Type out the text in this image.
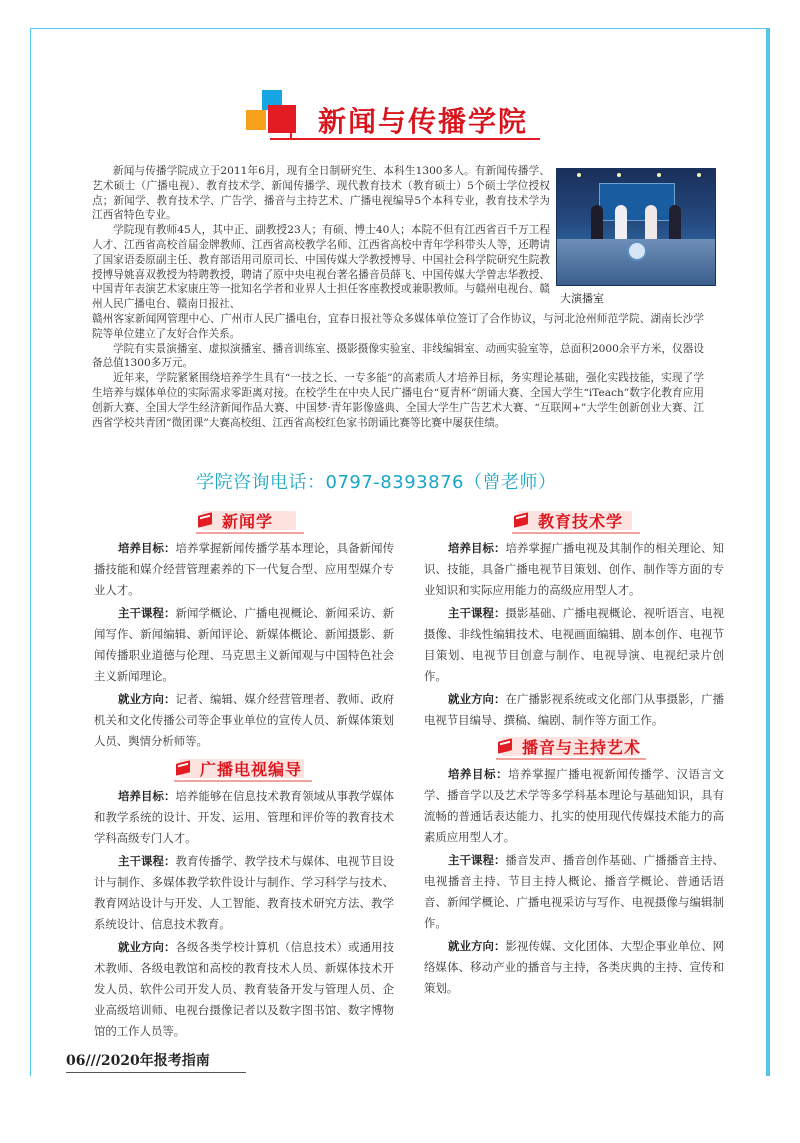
新闻与传播学院
大演播室

新闻与传播学院成立于2011年6月，现有全日制研究生、本科生1300多人。有新闻传播学、艺术硕士（广播电视）、教育技术学、新闻传播学、现代教育技术（教育硕士）5个硕士学位授权点；新闻学、教育技术学、广告学、播音与主持艺术、广播电视编导5个本科专业，教育技术学为江西省特色专业。

学院现有教师45人，其中正、副教授23人；有硕、博士40人；本院不但有江西省百千万工程人才、江西省高校首届金牌教师、江西省高校教学名师、江西省高校中青年学科带头人等，还聘请了国家语委原副主任、教育部语用司原司长、中国传媒大学教授博导、中国社会科学院研究生院教授博导姚喜双教授为特聘教授，聘请了原中央电视台著名播音员薛飞、中国传媒大学曾志华教授、中国青年表演艺术家康庄等一批知名学者和业界人士担任客座教授或兼职教师。与赣州电视台、赣州人民广播电台、赣南日报社、

赣州客家新闻网管理中心、广州市人民广播电台，宜春日报社等众多媒体单位签订了合作协议，与河北沧州师范学院、湖南长沙学院等单位建立了友好合作关系。

学院有实景演播室、虚拟演播室、播音训练室、摄影摄像实验室、非线编辑室、动画实验室等，总面积2000余平方米，仪器设备总值1300多万元。

近年来，学院紧紧围绕培养学生具有“一技之长、一专多能”的高素质人才培养目标，务实理论基础，强化实践技能，实现了学生培养与媒体单位的实际需求零距离对接。在校学生在中央人民广播电台“夏青杯”朗诵大赛、全国大学生“iTeach”数字化教育应用创新大赛、全国大学生经济新闻作品大赛、中国梦·青年影像盛典、全国大学生广告艺术大赛、“互联网+”大学生创新创业大赛、江西省学校共青团“微团课”大赛高校组、江西省高校红色家书朗诵比赛等比赛中屡获佳绩。

学院咨询电话：0797-8393876（曾老师）
新闻学

培养目标：培养掌握新闻传播学基本理论，具备新闻传播技能和媒介经营管理素养的下一代复合型、应用型媒介专业人才。

主干课程：新闻学概论、广播电视概论、新闻采访、新闻写作、新闻编辑、新闻评论、新媒体概论、新闻摄影、新闻传播职业道德与伦理、马克思主义新闻观与中国特色社会主义新闻理论。

就业方向：记者、编辑、媒介经营管理者、教师、政府机关和文化传播公司等企事业单位的宣传人员、新媒体策划人员、舆情分析师等。

广播电视编导

培养目标：培养能够在信息技术教育领域从事教学媒体和教学系统的设计、开发、运用、管理和评价等的教育技术学科高级专门人才。

主干课程：教育传播学、教学技术与媒体、电视节目设计与制作、多媒体教学软件设计与制作、学习科学与技术、教育网站设计与开发、人工智能、教育技术研究方法、教学系统设计、信息技术教育。

就业方向：各级各类学校计算机（信息技术）或通用技术教师、各级电教馆和高校的教育技术人员、新媒体技术开发人员、软件公司开发人员、教育装备开发与管理人员、企业高级培训师、电视台摄像记者以及数字图书馆、数字博物馆的工作人员等。

教育技术学

培养目标：培养掌握广播电视及其制作的相关理论、知识、技能，具备广播电视节目策划、创作、制作等方面的专业知识和实际应用能力的高级应用型人才。

主干课程：摄影基础、广播电视概论、视听语言、电视摄像、非线性编辑技术、电视画面编辑、剧本创作、电视节目策划、电视节目创意与制作、电视导演、电视纪录片创作。

就业方向：在广播影视系统或文化部门从事摄影，广播电视节目编导、撰稿、编剧、制作等方面工作。

播音与主持艺术

培养目标：培养掌握广播电视新闻传播学、汉语言文学、播音学以及艺术学等多学科基本理论与基础知识，具有流畅的普通话表达能力、扎实的使用现代传媒技术能力的高素质应用型人才。

主干课程：播音发声、播音创作基础、广播播音主持、电视播音主持、节目主持人概论、播音学概论、普通话语音、新闻学概论、广播电视采访与写作、电视摄像与编辑制作。

就业方向：影视传媒、文化团体、大型企事业单位、网络媒体、移动产业的播音与主持，各类庆典的主持、宣传和策划。

06///2020年报考指南
